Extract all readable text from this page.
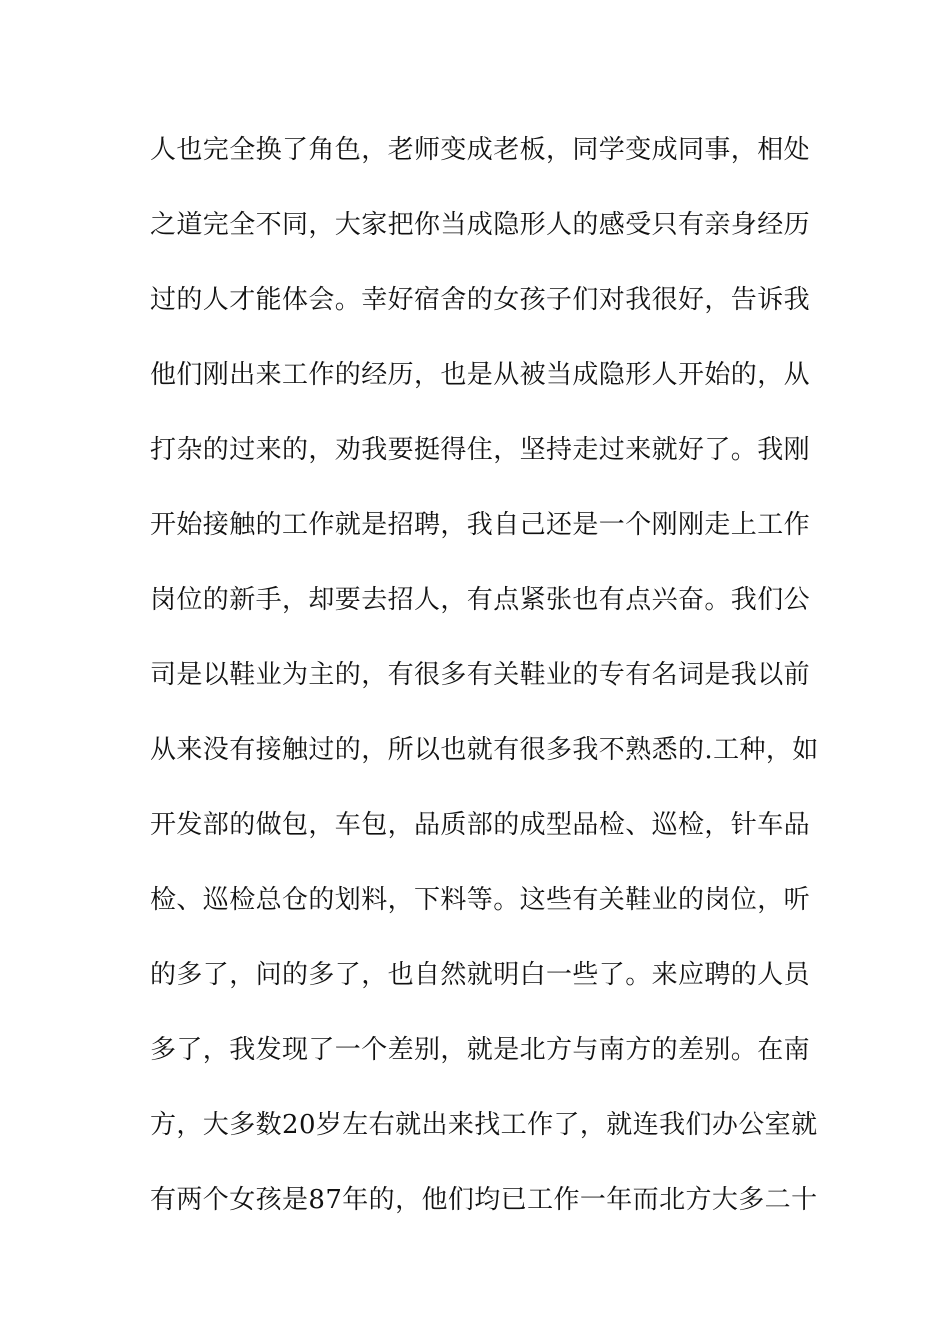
人也完全换了角色，老师变成老板，同学变成同事，相处
之道完全不同，大家把你当成隐形人的感受只有亲身经历
过的人才能体会。幸好宿舍的女孩子们对我很好，告诉我
他们刚出来工作的经历，也是从被当成隐形人开始的，从
打杂的过来的，劝我要挺得住，坚持走过来就好了。我刚
开始接触的工作就是招聘，我自己还是一个刚刚走上工作
岗位的新手，却要去招人，有点紧张也有点兴奋。我们公
司是以鞋业为主的，有很多有关鞋业的专有名词是我以前
从来没有接触过的，所以也就有很多我不熟悉的.工种，如
开发部的做包，车包，品质部的成型品检、巡检，针车品
检、巡检总仓的划料，下料等。这些有关鞋业的岗位，听
的多了，问的多了，也自然就明白一些了。来应聘的人员
多了，我发现了一个差别，就是北方与南方的差别。在南
方，大多数20岁左右就出来找工作了，就连我们办公室就
有两个女孩是87年的，他们均已工作一年而北方大多二十
